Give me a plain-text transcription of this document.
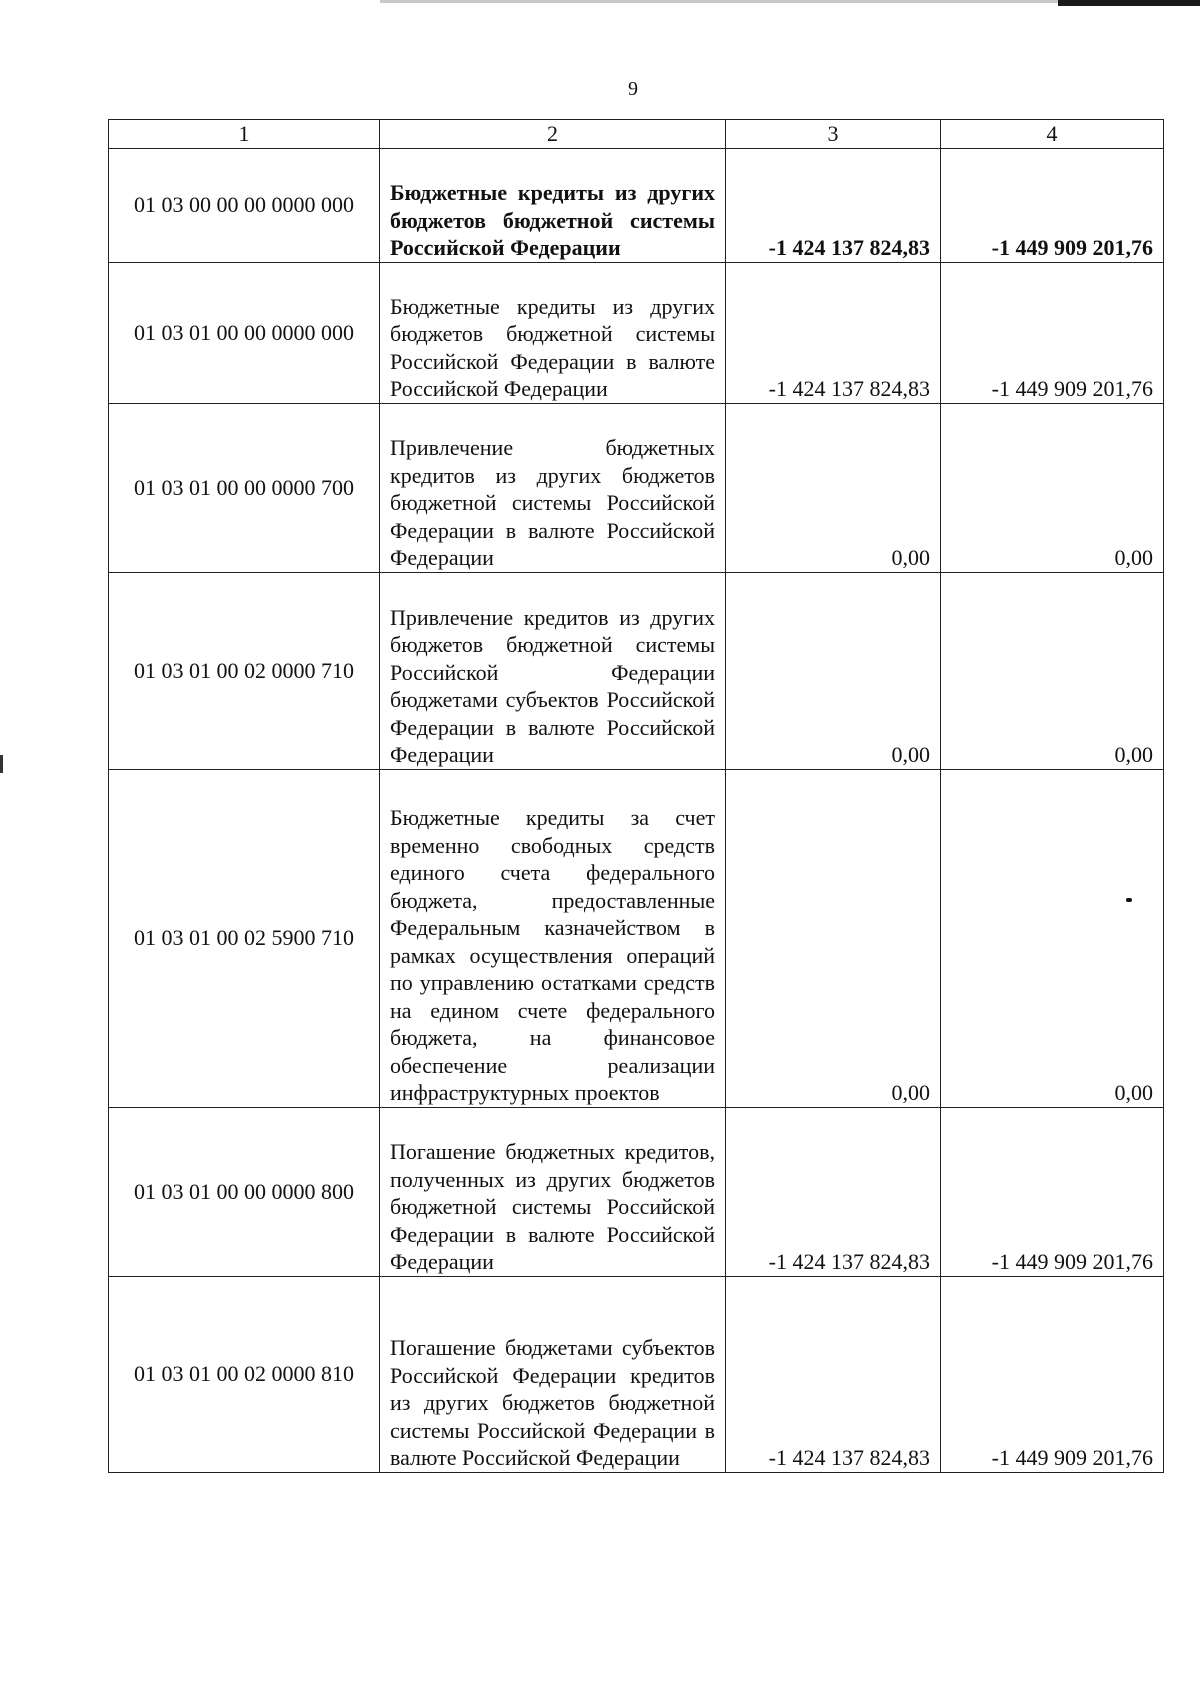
9
1	2	3	4
01 03 00 00 00 0000 000	Бюджетные кредиты из других бюджетов бюджетной системы Российской Федерации	-1 424 137 824,83	-1 449 909 201,76
01 03 01 00 00 0000 000	Бюджетные кредиты из других бюджетов бюджетной системы Российской Федерации в валюте Российской Федерации	-1 424 137 824,83	-1 449 909 201,76
01 03 01 00 00 0000 700	Привлечение бюджетных кредитов из других бюджетов бюджетной системы Российской Федерации в валюте Российской Федерации	0,00	0,00
01 03 01 00 02 0000 710	Привлечение кредитов из других бюджетов бюджетной системы Российской Федерации бюджетами субъектов Российской Федерации в валюте Российской Федерации	0,00	0,00
01 03 01 00 02 5900 710	Бюджетные кредиты за счет временно свободных средств единого счета федерального бюджета, предоставленные Федеральным казначейством в рамках осуществления операций по управлению остатками средств на едином счете федерального бюджета, на финансовое обеспечение реализации инфраструктурных проектов	0,00	0,00
01 03 01 00 00 0000 800	Погашение бюджетных кредитов, полученных из других бюджетов бюджетной системы Российской Федерации в валюте Российской Федерации	-1 424 137 824,83	-1 449 909 201,76
01 03 01 00 02 0000 810	Погашение бюджетами субъектов Российской Федерации кредитов из других бюджетов бюджетной системы Российской Федерации в валюте Российской Федерации	-1 424 137 824,83	-1 449 909 201,76
